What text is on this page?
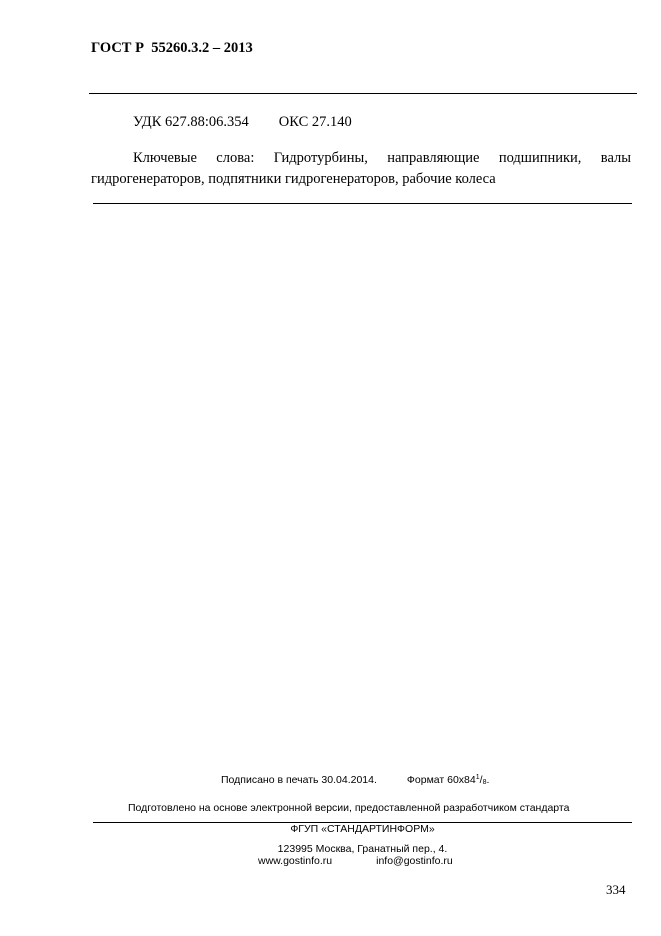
ГОСТ Р  55260.3.2 – 2013
УДК 627.88:06.354 ОКС 27.140
Ключевые слова: Гидротурбины, направляющие подшипники, валы гидрогенераторов, подпятники гидрогенераторов, рабочие колеса
Подписано в печать 30.04.2014.	Формат $60х84^1/_8$.
Подготовлено на основе электронной версии, предоставленной разработчиком стандарта
ФГУП «СТАНДАРТИНФОРМ»
123995 Москва, Гранатный пер., 4.
www.gostinfo.ru	info@gostinfo.ru
334
